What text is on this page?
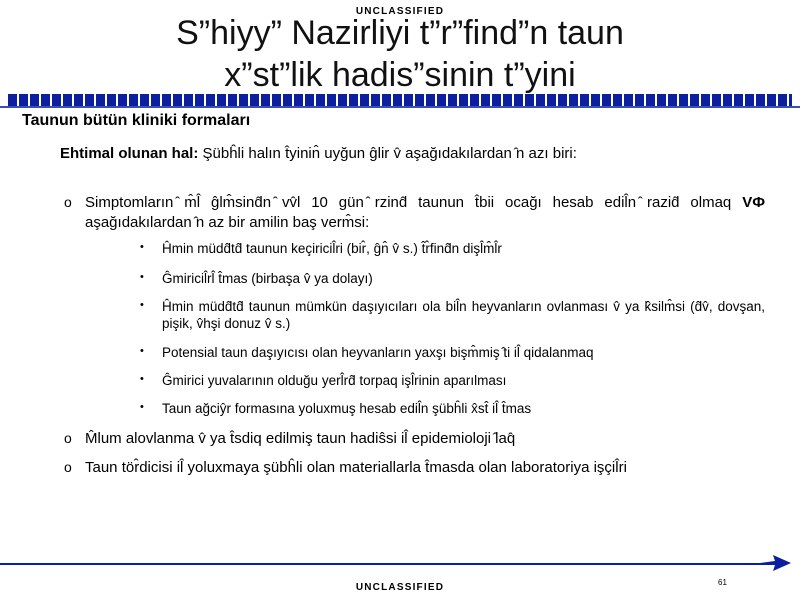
UNCLASSIFIED
S”hiyy” Nazirliyi t”r”find”n taun
x”st”lik hadis”sinin t”yini
Taunun bütün kliniki formaları
Ehtimal olunan hal: Şübĥli halın t̂yinin̂ uyğun ĝlir v̂ aşağıdakılardan ̂n azı biri:
o Simptomların ̂m̂l̂ ĝlm̂sind̂n ̂vv̂l 10 gün ̂rzind̂ taunun t̂bii ocağı hesab edil̂n ̂razid̂ olmaq VФ aşağıdakılardan ̂n az bir amilin baş verm̂si:
• Ĥmin müdd̂td̂ taunun keçiricil̂ri (bir̂, ĝn̂ v̂ s.) t̂r̂find̂n dişl̂m̂l̂r
• Ĝmiricil̂rl̂ t̂mas (birbaşa v̂ ya dolayı)
• Ĥmin müdd̂td̂ taunun mümkün daşıyıcıları ola bil̂n heyvanların ovlanması v̂ ya k̂silm̂si (d̂v̂, dovşan, pişik, v̂hşi donuz v̂ s.)
• Potensial taun daşıyıcısı olan heyvanların yaxşı bişm̂miş ̂ti il̂ qidalanmaq
• Ĝmirici yuvalarının olduğu yerl̂rd̂ torpaq işl̂rinin aparılması
• Taun ağciŷr formasına yoluxmuş hesab edil̂n şübĥli x̂st̂ il̂ t̂mas
o M̂lum alovlanma v̂ ya t̂sdiq edilmiş taun hadiŝsi il̂ epidemioloji ̂laq̂
o Taun tör̂dicisi il̂ yoluxmaya şübĥli olan materiallarla t̂masda olan laboratoriya işçil̂ri
61
UNCLASSIFIED
